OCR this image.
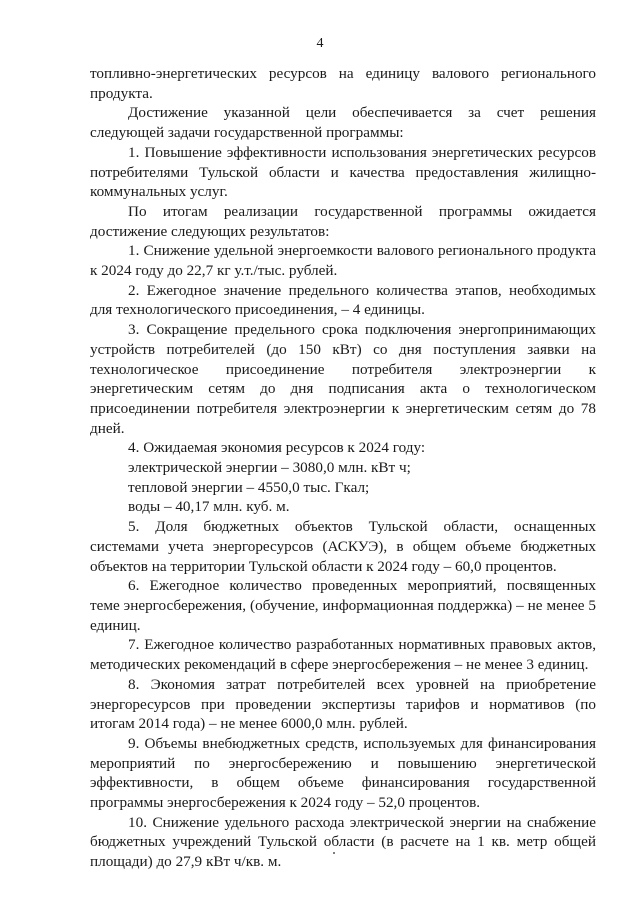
4

топливно-энергетических ресурсов на единицу валового регионального продукта.

Достижение указанной цели обеспечивается за счет решения следующей задачи государственной программы:

1. Повышение эффективности использования энергетических ресурсов потребителями Тульской области и качества предоставления жилищно-коммунальных услуг.

По итогам реализации государственной программы ожидается достижение следующих результатов:

1. Снижение удельной энергоемкости валового регионального продукта к 2024 году до 22,7 кг у.т./тыс. рублей.

2. Ежегодное значение предельного количества этапов, необходимых для технологического присоединения, – 4 единицы.

3. Сокращение предельного срока подключения энергопринимающих устройств потребителей (до 150 кВт) со дня поступления заявки на технологическое присоединение потребителя электроэнергии к энергетическим сетям до дня подписания акта о технологическом присоединении потребителя электроэнергии к энергетическим сетям до 78 дней.

4. Ожидаемая экономия ресурсов к 2024 году:

электрической энергии – 3080,0 млн. кВт ч;

тепловой энергии – 4550,0 тыс. Гкал;

воды – 40,17 млн. куб. м.

5. Доля бюджетных объектов Тульской области, оснащенных системами учета энергоресурсов (АСКУЭ), в общем объеме бюджетных объектов на территории Тульской области к 2024 году – 60,0 процентов.

6. Ежегодное количество проведенных мероприятий, посвященных теме энергосбережения, (обучение, информационная поддержка) – не менее 5 единиц.

7. Ежегодное количество разработанных нормативных правовых актов, методических рекомендаций в сфере энергосбережения – не менее 3 единиц.

8. Экономия затрат потребителей всех уровней на приобретение энергоресурсов при проведении экспертизы тарифов и нормативов (по итогам 2014 года) – не менее 6000,0 млн. рублей.

9. Объемы внебюджетных средств, используемых для финансирования мероприятий по энергосбережению и повышению энергетической эффективности, в общем объеме финансирования государственной программы энергосбережения к 2024 году – 52,0 процентов.

10. Снижение удельного расхода электрической энергии на снабжение бюджетных учреждений Тульской области (в расчете на 1 кв. метр общей площади) до 27,9 кВт ч/кв. м.
